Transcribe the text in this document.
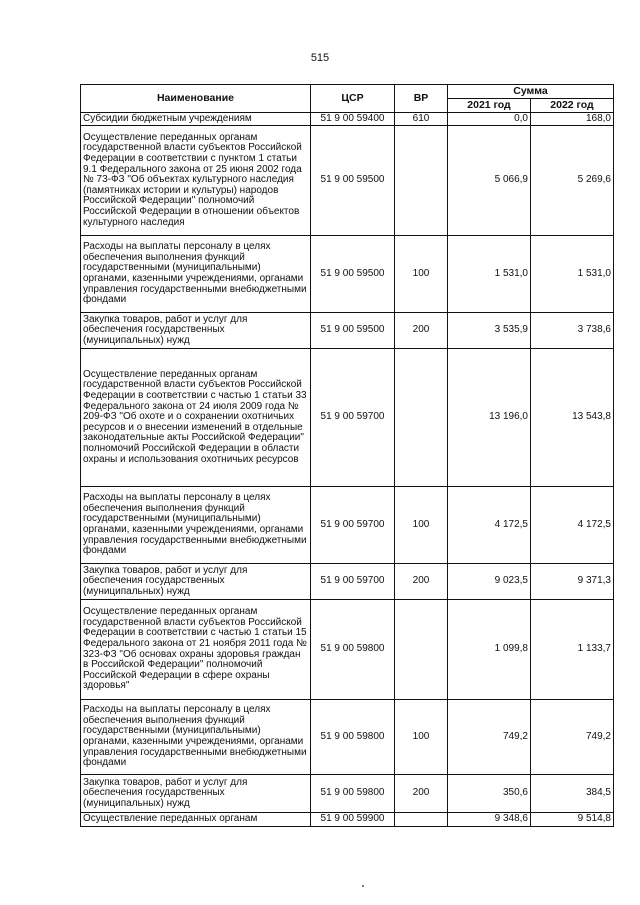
515
Наименование	ЦСР	ВР	Сумма	
			2021 год	2022 год
Субсидии бюджетным учреждениям	51 9 00 59400	610	0,0	168,0
Осуществление переданных органам государственной власти субъектов Российской Федерации в соответствии с пунктом 1 статьи 9.1 Федерального закона от 25 июня 2002 года № 73-ФЗ "Об объектах культурного наследия (памятниках истории и культуры) народов Российской Федерации" полномочий Российской Федерации в отношении объектов культурного наследия	51 9 00 59500		5 066,9	5 269,6
Расходы на выплаты персоналу в целях обеспечения выполнения функций государственными (муниципальными) органами, казенными учреждениями, органами управления государственными внебюджетными фондами	51 9 00 59500	100	1 531,0	1 531,0
Закупка товаров, работ и услуг для обеспечения государственных (муниципальных) нужд	51 9 00 59500	200	3 535,9	3 738,6
Осуществление переданных органам государственной власти субъектов Российской Федерации в соответствии с частью 1 статьи 33 Федерального закона от 24 июля 2009 года № 209-ФЗ "Об охоте и о сохранении охотничьих ресурсов и о внесении изменений в отдельные законодательные акты Российской Федерации" полномочий Российской Федерации в области охраны и использования охотничьих ресурсов	51 9 00 59700		13 196,0	13 543,8
Расходы на выплаты персоналу в целях обеспечения выполнения функций государственными (муниципальными) органами, казенными учреждениями, органами управления государственными внебюджетными фондами	51 9 00 59700	100	4 172,5	4 172,5
Закупка товаров, работ и услуг для обеспечения государственных (муниципальных) нужд	51 9 00 59700	200	9 023,5	9 371,3
Осуществление переданных органам государственной власти субъектов Российской Федерации в соответствии с частью 1 статьи 15 Федерального закона от 21 ноября 2011 года № 323-ФЗ "Об основах охраны здоровья граждан в Российской Федерации" полномочий Российской Федерации в сфере охраны здоровья"	51 9 00 59800		1 099,8	1 133,7
Расходы на выплаты персоналу в целях обеспечения выполнения функций государственными (муниципальными) органами, казенными учреждениями, органами управления государственными внебюджетными фондами	51 9 00 59800	100	749,2	749,2
Закупка товаров, работ и услуг для обеспечения государственных (муниципальных) нужд	51 9 00 59800	200	350,6	384,5
Осуществление переданных органам	51 9 00 59900		9 348,6	9 514,8
